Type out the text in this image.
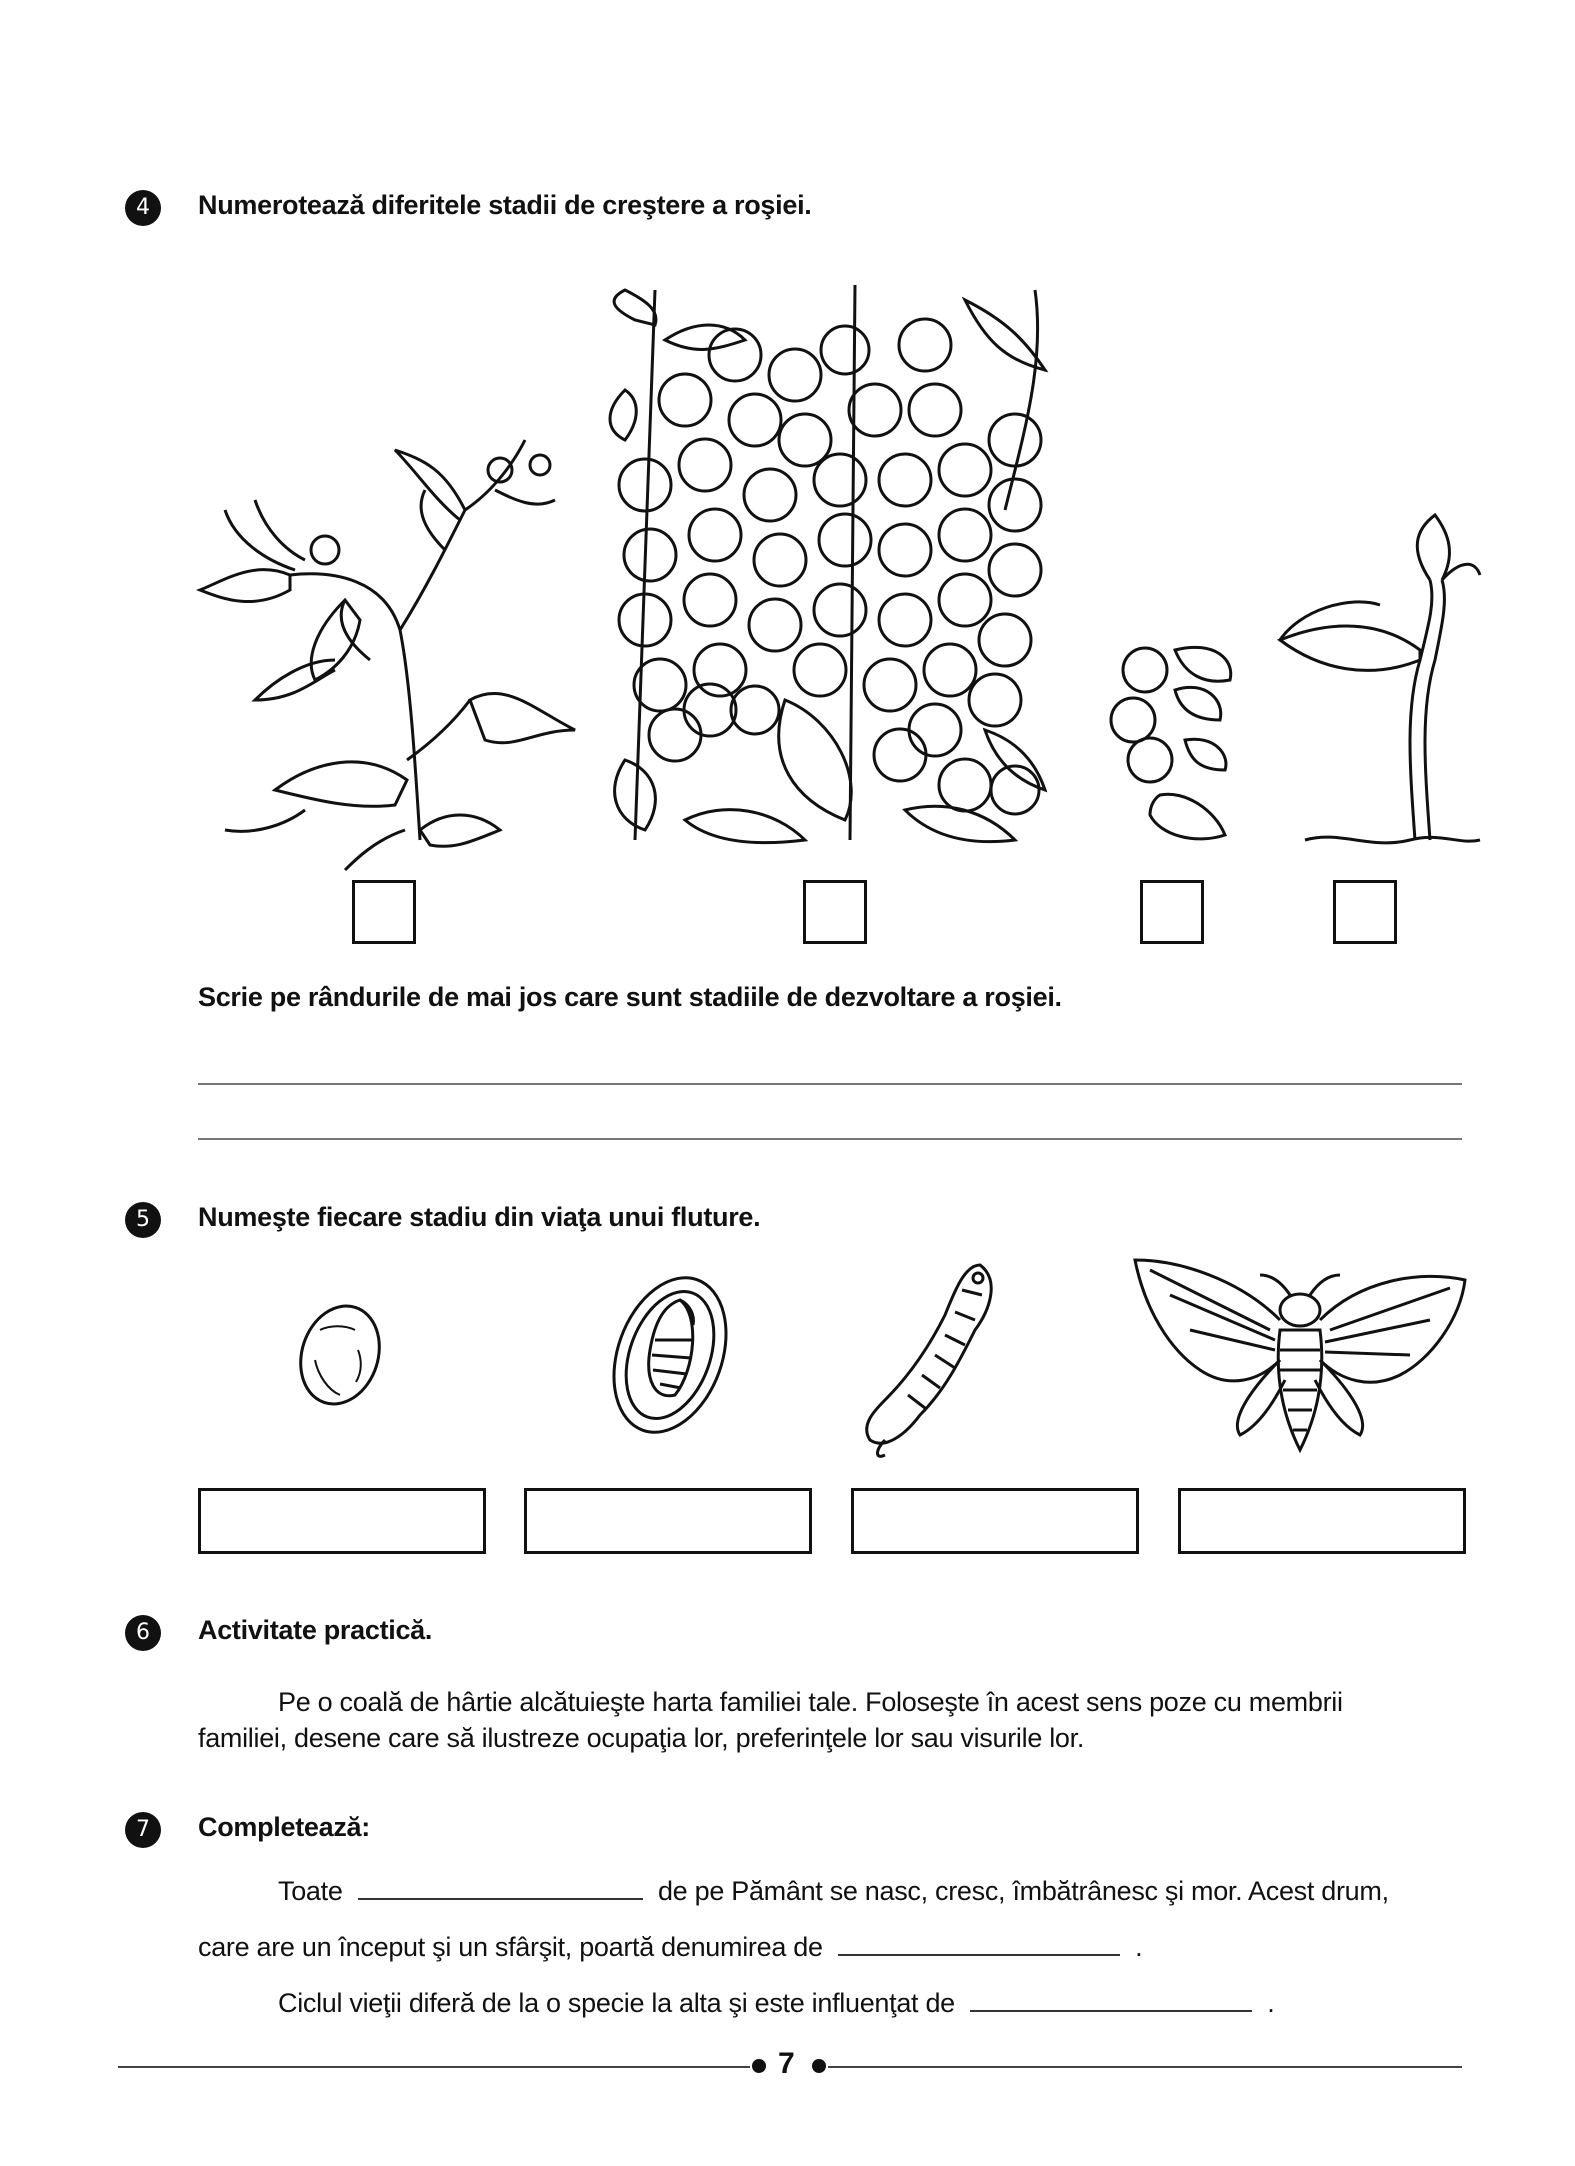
4	Numerotează diferitele stadii de creştere a roşiei.
Scrie pe rândurile de mai jos care sunt stadiile de dezvoltare a roşiei.
5	Numeşte fiecare stadiu din viaţa unui fluture.
6	Activitate practică.
Pe o coală de hârtie alcătuieşte harta familiei tale. Foloseşte în acest sens poze cu membrii
familiei, desene care să ilustreze ocupaţia lor, preferinţele lor sau visurile lor.
7	Completează:
Toate	de pe Pământ se nasc, cresc, îmbătrânesc şi mor. Acest drum,
care are un început şi un sfârşit, poartă denumirea de	.
Ciclul vieţii diferă de la o specie la alta şi este influenţat de	.
7
